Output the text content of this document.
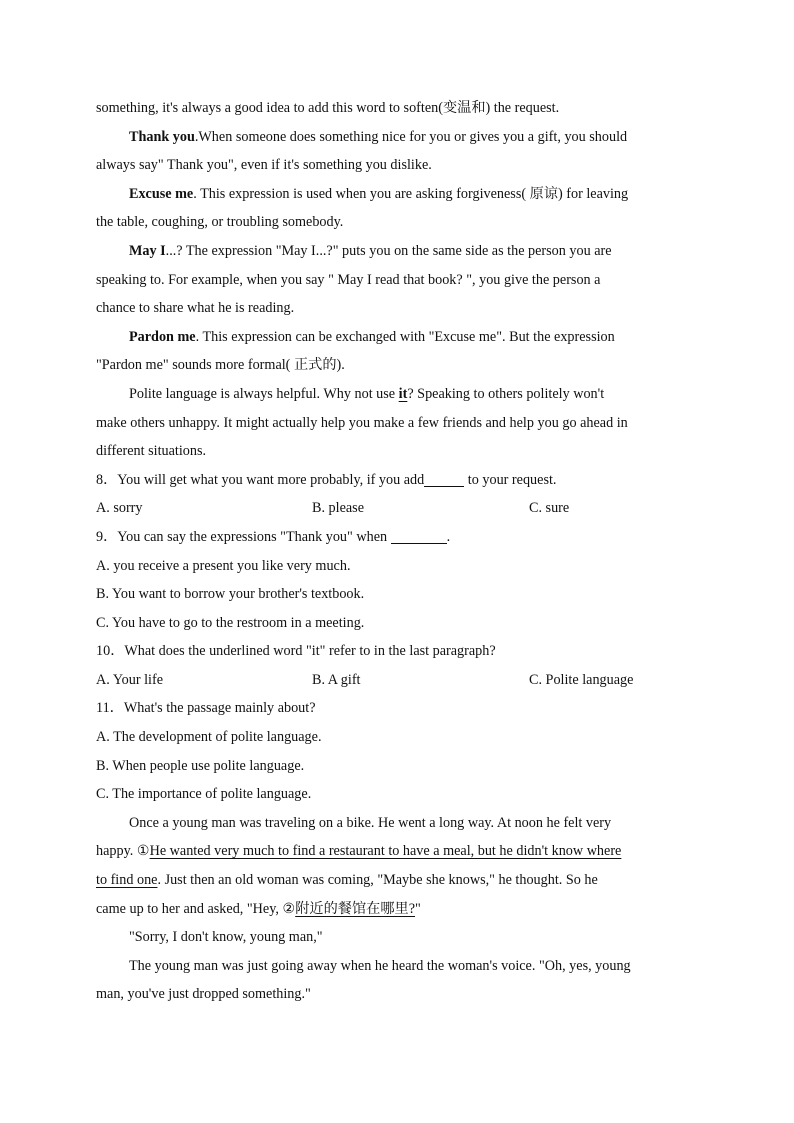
something, it's always a good idea to add this word to soften(变温和) the request.
Thank you.When someone does something nice for you or gives you a gift, you should
always say" Thank you", even if it's something you dislike.
Excuse me. This expression is used when you are asking forgiveness( 原谅) for leaving
the table, coughing, or troubling somebody.
May I...? The expression "May I...?" puts you on the same side as the person you are
speaking to. For example, when you say " May I read that book? ", you give the person a
chance to share what he is reading.
Pardon me. This expression can be exchanged with "Excuse me". But the expression
"Pardon me" sounds more formal( 正式的).
Polite language is always helpful. Why not use it? Speaking to others politely won't
make others unhappy. It might actually help you make a few friends and help you go ahead in
different situations.
8．You will get what you want more probably, if you add	to your request.
A. sorry	B. please	C. sure
9．You can say the expressions "Thank you" when	.
A. you receive a present you like very much.
B. You want to borrow your brother's textbook.
C. You have to go to the restroom in a meeting.
10．What does the underlined word "it" refer to in the last paragraph?
A. Your life	B. A gift	C. Polite language
11．What's the passage mainly about?
A. The development of polite language.
B. When people use polite language.
C. The importance of polite language.
Once a young man was traveling on a bike. He went a long way. At noon he felt very
happy. ①He wanted very much to find a restaurant to have a meal, but he didn't know where
to find one. Just then an old woman was coming, "Maybe she knows," he thought. So he
came up to her and asked, "Hey, ②附近的餐馆在哪里?"
"Sorry, I don't know, young man,"
The young man was just going away when he heard the woman's voice. "Oh, yes, young
man, you've just dropped something."
